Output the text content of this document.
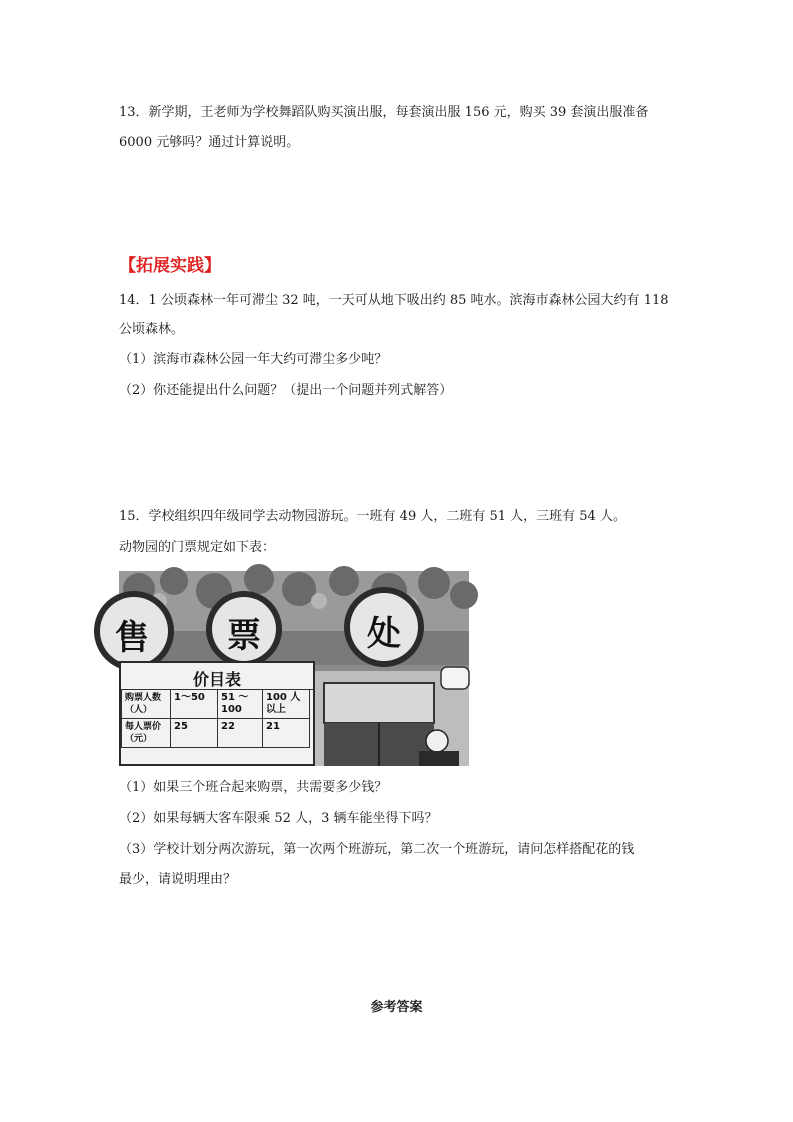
13．新学期，王老师为学校舞蹈队购买演出服，每套演出服 156 元，购买 39 套演出服准备
6000 元够吗？通过计算说明。
【拓展实践】
14．1 公顷森林一年可滞尘 32 吨，一天可从地下吸出约 85 吨水。滨海市森林公园大约有 118
公顷森林。
（1）滨海市森林公园一年大约可滞尘多少吨？
（2）你还能提出什么问题？（提出一个问题并列式解答）
15．学校组织四年级同学去动物园游玩。一班有 49 人，二班有 51 人，三班有 54 人。
动物园的门票规定如下表：
售 票	处
价目表
购票人数（人）	1～50	51 ～ 100	100 人以上
每人票价（元）	25	22	21
（1）如果三个班合起来购票，共需要多少钱？
（2）如果每辆大客车限乘 52 人，3 辆车能坐得下吗？
（3）学校计划分两次游玩，第一次两个班游玩，第二次一个班游玩，请问怎样搭配花的钱
最少，请说明理由？
参考答案
